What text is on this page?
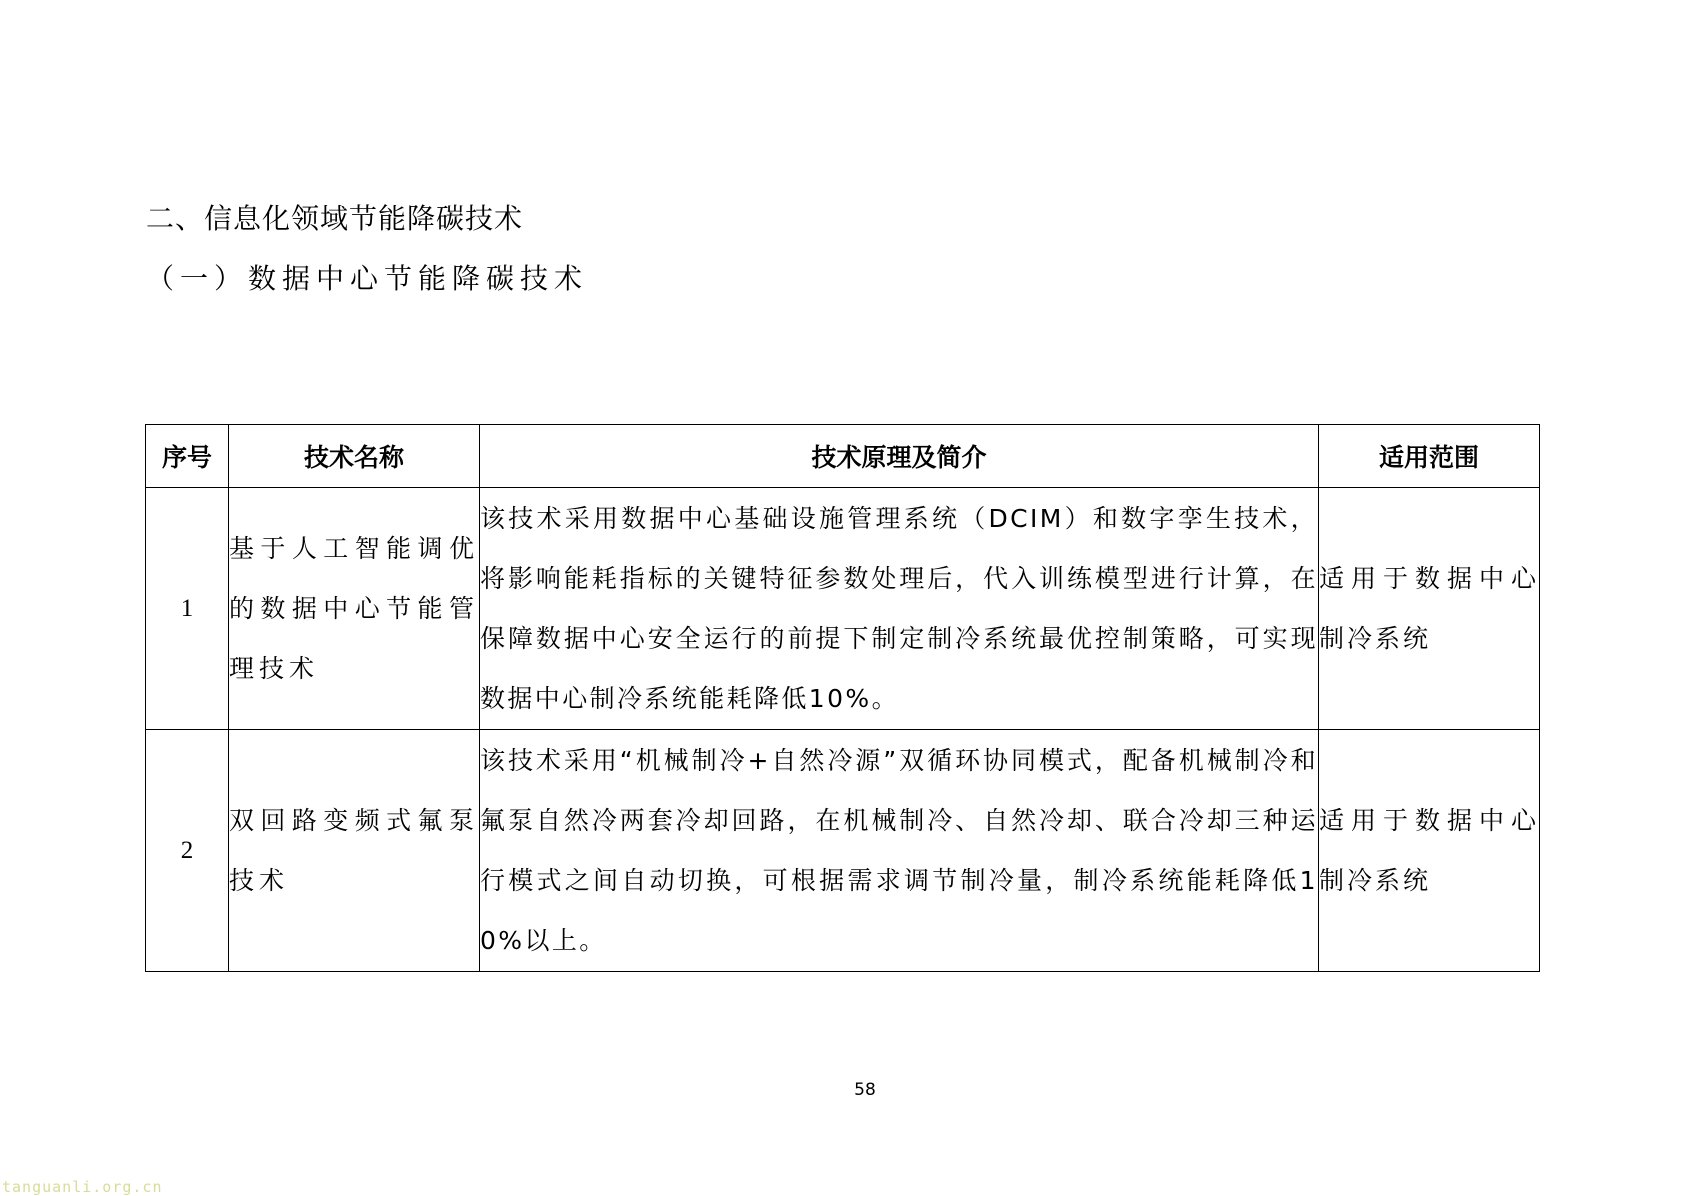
二、信息化领域节能降碳技术
（一）数据中心节能降碳技术
序号	技术名称	技术原理及简介	适用范围
1	基于人工智能调优的数据中心节能管理技术	该技术采用数据中心基础设施管理系统（DCIM）和数字孪生技术，将影响能耗指标的关键特征参数处理后，代入训练模型进行计算，在保障数据中心安全运行的前提下制定制冷系统最优控制策略，可实现数据中心制冷系统能耗降低10%。	适用于数据中心制冷系统
2	双回路变频式氟泵技术	该技术采用“机械制冷+自然冷源”双循环协同模式，配备机械制冷和氟泵自然冷两套冷却回路，在机械制冷、自然冷却、联合冷却三种运行模式之间自动切换，可根据需求调节制冷量，制冷系统能耗降低10%以上。	适用于数据中心制冷系统
58
tanguanli.org.cn
